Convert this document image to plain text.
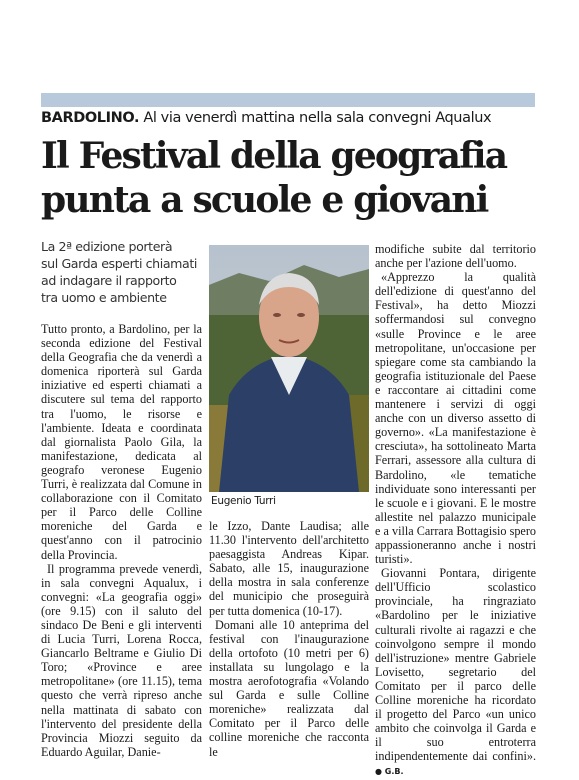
BARDOLINO. Al via venerdì mattina nella sala convegni Aqualux
Il Festival della geografia
punta a scuole e giovani
La 2ª edizione porterà
sul Garda esperti chiamati
ad indagare il rapporto
tra uomo e ambiente

Tutto pronto, a Bardolino, per la seconda edizione del Festival della Geografia che da venerdì a domenica riporterà sul Garda iniziative ed esperti chiamati a discutere sul tema del rapporto tra l'uomo, le risorse e l'ambiente. Ideata e coordinata dal giornalista Paolo Gila, la manifestazione, dedicata al geografo veronese Eugenio Turri, è realizzata dal Comune in collaborazione con il Comitato per il Parco delle Colline moreniche del Garda e quest'anno con il patrocinio della Provincia.

Il programma prevede venerdì, in sala convegni Aqualux, i convegni: «La geografia oggi» (ore 9.15) con il saluto del sindaco De Beni e gli interventi di Lucia Turri, Lorena Rocca, Giancarlo Beltrame e Giulio Di Toro; «Province e aree metropolitane» (ore 11.15), tema questo che verrà ripreso anche nella mattinata di sabato con l'intervento del presidente della Provincia Miozzi seguito da Eduardo Aguilar, Danie-

Eugenio Turri

le Izzo, Dante Laudisa; alle 11.30 l'intervento dell'architetto paesaggista Andreas Kipar. Sabato, alle 15, inaugurazione della mostra in sala conferenze del municipio che proseguirà per tutta domenica (10-17).

Domani alle 10 anteprima del festival con l'inaugurazione della ortofoto (10 metri per 6) installata su lungolago e la mostra aerofotografia «Volando sul Garda e sulle Colline moreniche» realizzata dal Comitato per il Parco delle colline moreniche che racconta le

modifiche subite dal territorio anche per l'azione dell'uomo.

«Apprezzo la qualità dell'edizione di quest'anno del Festival», ha detto Miozzi soffermandosi sul convegno «sulle Province e le aree metropolitane, un'occasione per spiegare come sta cambiando la geografia istituzionale del Paese e raccontare ai cittadini come mantenere i servizi di oggi anche con un diverso assetto di governo». «La manifestazione è cresciuta», ha sottolineato Marta Ferrari, assessore alla cultura di Bardolino, «le tematiche individuate sono interessanti per le scuole e i giovani. E le mostre allestite nel palazzo municipale e a villa Carrara Bottagisio spero appassioneranno anche i nostri turisti».

Giovanni Pontara, dirigente dell'Ufficio scolastico provinciale, ha ringraziato «Bardolino per le iniziative culturali rivolte ai ragazzi e che coinvolgono sempre il mondo dell'istruzione» mentre Gabriele Lovisetto, segretario del Comitato per il parco delle Colline moreniche ha ricordato il progetto del Parco «un unico ambito che coinvolga il Garda e il suo entroterra indipendentemente dai confini». ● G.B.
